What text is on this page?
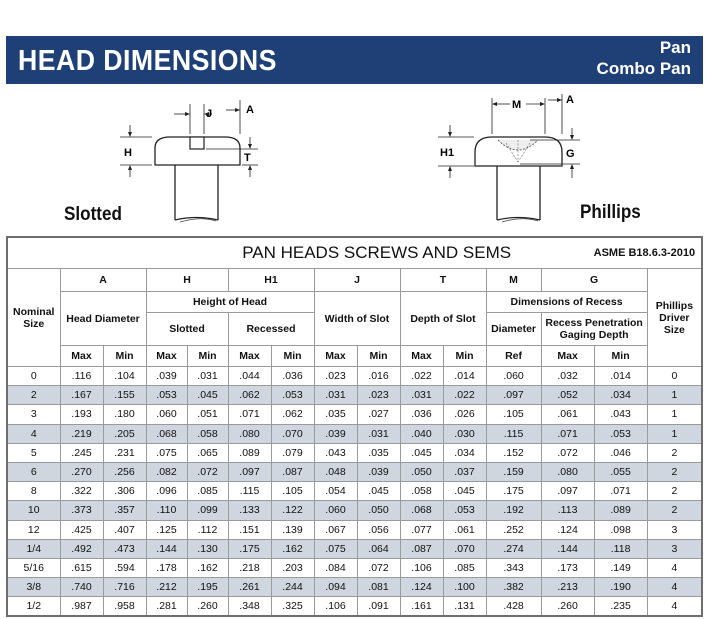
HEAD DIMENSIONS	Pan
Combo Pan
J	A
H	T
Slotted
M	A
H1	G
Phillips
PAN HEADS SCREWS AND SEMS												ASME B18.6.3-2010		
Nominal Size	A		H		H1		J		T		M	G		Phillips Driver Size
	Head Diameter		Height of Head				Width of Slot		Depth of Slot		Dimensions of Recess			
			Slotted		Recessed						Diameter	Recess Penetration Gaging Depth		
	Max	Min	Max	Min	Max	Min	Max	Min	Max	Min	Ref	Max	Min	
0	.116	.104	.039	.031	.044	.036	.023	.016	.022	.014	.060	.032	.014	0
2	.167	.155	.053	.045	.062	.053	.031	.023	.031	.022	.097	.052	.034	1
3	.193	.180	.060	.051	.071	.062	.035	.027	.036	.026	.105	.061	.043	1
4	.219	.205	.068	.058	.080	.070	.039	.031	.040	.030	.115	.071	.053	1
5	.245	.231	.075	.065	.089	.079	.043	.035	.045	.034	.152	.072	.046	2
6	.270	.256	.082	.072	.097	.087	.048	.039	.050	.037	.159	.080	.055	2
8	.322	.306	.096	.085	.115	.105	.054	.045	.058	.045	.175	.097	.071	2
10	.373	.357	.110	.099	.133	.122	.060	.050	.068	.053	.192	.113	.089	2
12	.425	.407	.125	.112	.151	.139	.067	.056	.077	.061	.252	.124	.098	3
1/4	.492	.473	.144	.130	.175	.162	.075	.064	.087	.070	.274	.144	.118	3
5/16	.615	.594	.178	.162	.218	.203	.084	.072	.106	.085	.343	.173	.149	4
3/8	.740	.716	.212	.195	.261	.244	.094	.081	.124	.100	.382	.213	.190	4
1/2	.987	.958	.281	.260	.348	.325	.106	.091	.161	.131	.428	.260	.235	4
